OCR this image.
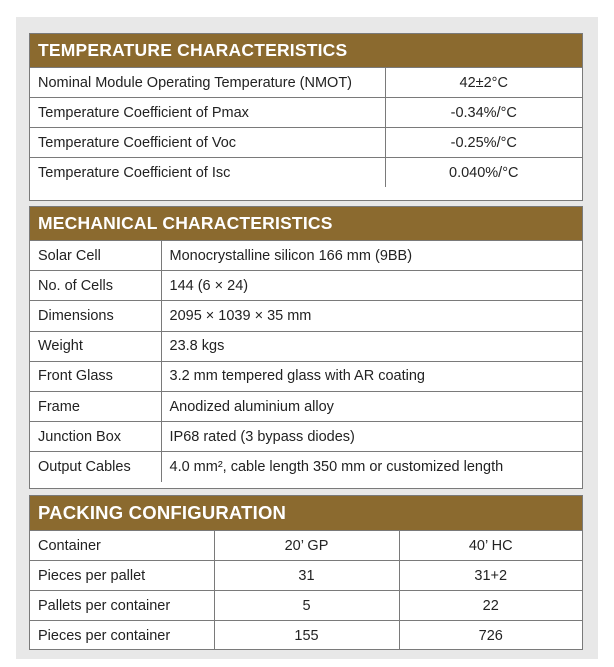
TEMPERATURE CHARACTERISTICS
Nominal Module Operating Temperature (NMOT)	42±2°C
Temperature Coefficient of Pmax	-0.34%/°C
Temperature Coefficient of Voc	-0.25%/°C
Temperature Coefficient of Isc	0.040%/°C
MECHANICAL CHARACTERISTICS
Solar Cell	Monocrystalline silicon 166 mm (9BB)
No. of Cells	144 (6 × 24)
Dimensions	2095 × 1039 × 35 mm
Weight	23.8 kgs
Front Glass	3.2 mm tempered glass with AR coating
Frame	Anodized aluminium alloy
Junction Box	IP68 rated (3 bypass diodes)
Output Cables	4.0 mm², cable length 350 mm or customized length
PACKING CONFIGURATION
Container	20’ GP	40’ HC
Pieces per pallet	31	31+2
Pallets per container	5	22
Pieces per container	155	726
